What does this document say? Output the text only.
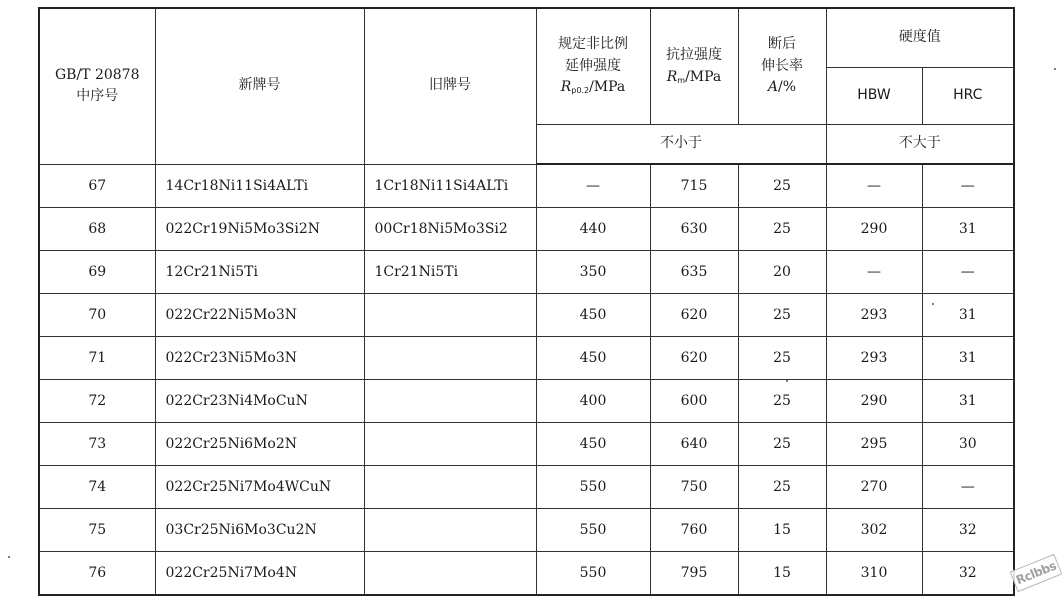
GB/T 20878
中序号	新牌号	旧牌号	规定非比例
延伸强度
$R_{p0.2}$/MPa	抗拉强度
$R_m$/MPa	断后
伸长率
A/%	硬度值	
						HBW	HRC
			不小于			不大于	
67	14Cr18Ni11Si4ALTi	1Cr18Ni11Si4ALTi	—	715	25	—	—
68	022Cr19Ni5Mo3Si2N	00Cr18Ni5Mo3Si2	440	630	25	290	31
69	12Cr21Ni5Ti	1Cr21Ni5Ti	350	635	20	—	—
70	022Cr22Ni5Mo3N		450	620	25	293	31
71	022Cr23Ni5Mo3N		450	620	25	293	31
72	022Cr23Ni4MoCuN		400	600	25	290	31
73	022Cr25Ni6Mo2N		450	640	25	295	30
74	022Cr25Ni7Mo4WCuN		550	750	25	270	—
75	03Cr25Ni6Mo3Cu2N		550	760	15	302	32
76	022Cr25Ni7Mo4N		550	795	15	310	32	Rclbbs
